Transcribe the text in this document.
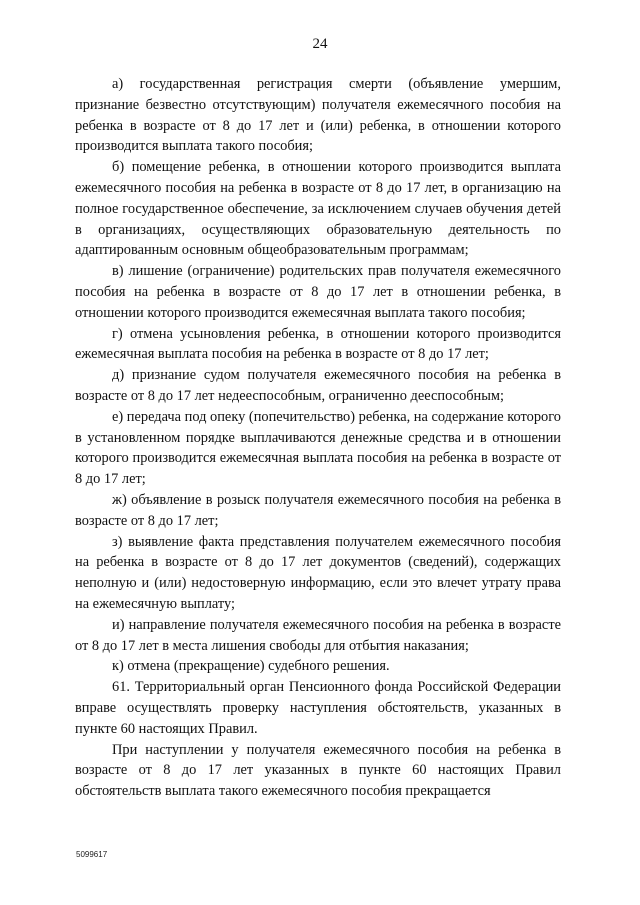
24

а) государственная регистрация смерти (объявление умершим, признание безвестно отсутствующим) получателя ежемесячного пособия на ребенка в возрасте от 8 до 17 лет и (или) ребенка, в отношении которого производится выплата такого пособия;

б) помещение ребенка, в отношении которого производится выплата ежемесячного пособия на ребенка в возрасте от 8 до 17 лет, в организацию на полное государственное обеспечение, за исключением случаев обучения детей в организациях, осуществляющих образовательную деятельность по адаптированным основным общеобразовательным программам;

в) лишение (ограничение) родительских прав получателя ежемесячного пособия на ребенка в возрасте от 8 до 17 лет в отношении ребенка, в отношении которого производится ежемесячная выплата такого пособия;

г) отмена усыновления ребенка, в отношении которого производится ежемесячная выплата пособия на ребенка в возрасте от 8 до 17 лет;

д) признание судом получателя ежемесячного пособия на ребенка в возрасте от 8 до 17 лет недееспособным, ограниченно дееспособным;

е) передача под опеку (попечительство) ребенка, на содержание которого в установленном порядке выплачиваются денежные средства и в отношении которого производится ежемесячная выплата пособия на ребенка в возрасте от 8 до 17 лет;

ж) объявление в розыск получателя ежемесячного пособия на ребенка в возрасте от 8 до 17 лет;

з) выявление факта представления получателем ежемесячного пособия на ребенка в возрасте от 8 до 17 лет документов (сведений), содержащих неполную и (или) недостоверную информацию, если это влечет утрату права на ежемесячную выплату;

и) направление получателя ежемесячного пособия на ребенка в возрасте от 8 до 17 лет в места лишения свободы для отбытия наказания;

к) отмена (прекращение) судебного решения.

61. Территориальный орган Пенсионного фонда Российской Федерации вправе осуществлять проверку наступления обстоятельств, указанных в пункте 60 настоящих Правил.

При наступлении у получателя ежемесячного пособия на ребенка в возрасте от 8 до 17 лет указанных в пункте 60 настоящих Правил обстоятельств выплата такого ежемесячного пособия прекращается

5099617
